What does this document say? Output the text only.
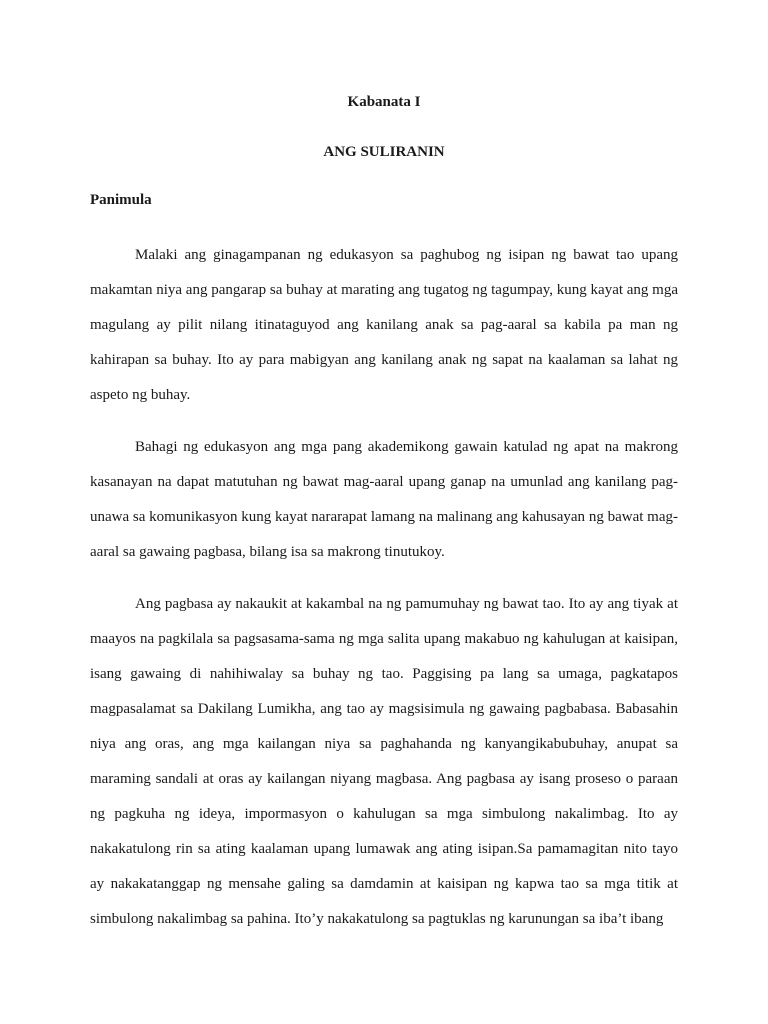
Kabanata I
ANG SULIRANIN
Panimula

Malaki ang ginagampanan ng edukasyon sa paghubog ng isipan ng bawat tao upang makamtan niya ang pangarap sa buhay at marating ang tugatog ng tagumpay, kung kayat ang mga magulang ay pilit nilang itinataguyod ang kanilang anak sa pag-aaral sa kabila pa man ng kahirapan sa buhay. Ito ay para mabigyan ang kanilang anak ng sapat na kaalaman sa lahat ng aspeto ng buhay.

Bahagi ng edukasyon ang mga pang akademikong gawain katulad ng apat na makrong kasanayan na dapat matutuhan ng bawat mag-aaral upang ganap na umunlad ang kanilang pag-unawa sa komunikasyon kung kayat nararapat lamang na malinang ang kahusayan ng bawat mag-aaral sa gawaing pagbasa, bilang isa sa makrong tinutukoy.

Ang pagbasa ay nakaukit at kakambal na ng pamumuhay ng bawat tao. Ito ay ang tiyak at maayos na pagkilala sa pagsasama-sama ng mga salita upang makabuo ng kahulugan at kaisipan, isang gawaing di nahihiwalay sa buhay ng tao. Paggising pa lang sa umaga, pagkatapos magpasalamat sa Dakilang Lumikha, ang tao ay magsisimula ng gawaing pagbabasa. Babasahin niya ang oras, ang mga kailangan niya sa paghahanda ng kanyangikabubuhay, anupat sa maraming sandali at oras ay kailangan niyang magbasa. Ang pagbasa ay isang proseso o paraan ng pagkuha ng ideya, impormasyon o kahulugan sa mga simbulong nakalimbag. Ito ay nakakatulong rin sa ating kaalaman upang lumawak ang ating isipan.Sa pamamagitan nito tayo ay nakakatanggap ng mensahe galing sa damdamin at kaisipan ng kapwa tao sa mga titik at simbulong nakalimbag sa pahina. Ito’y nakakatulong sa pagtuklas ng karunungan sa iba’t ibang
